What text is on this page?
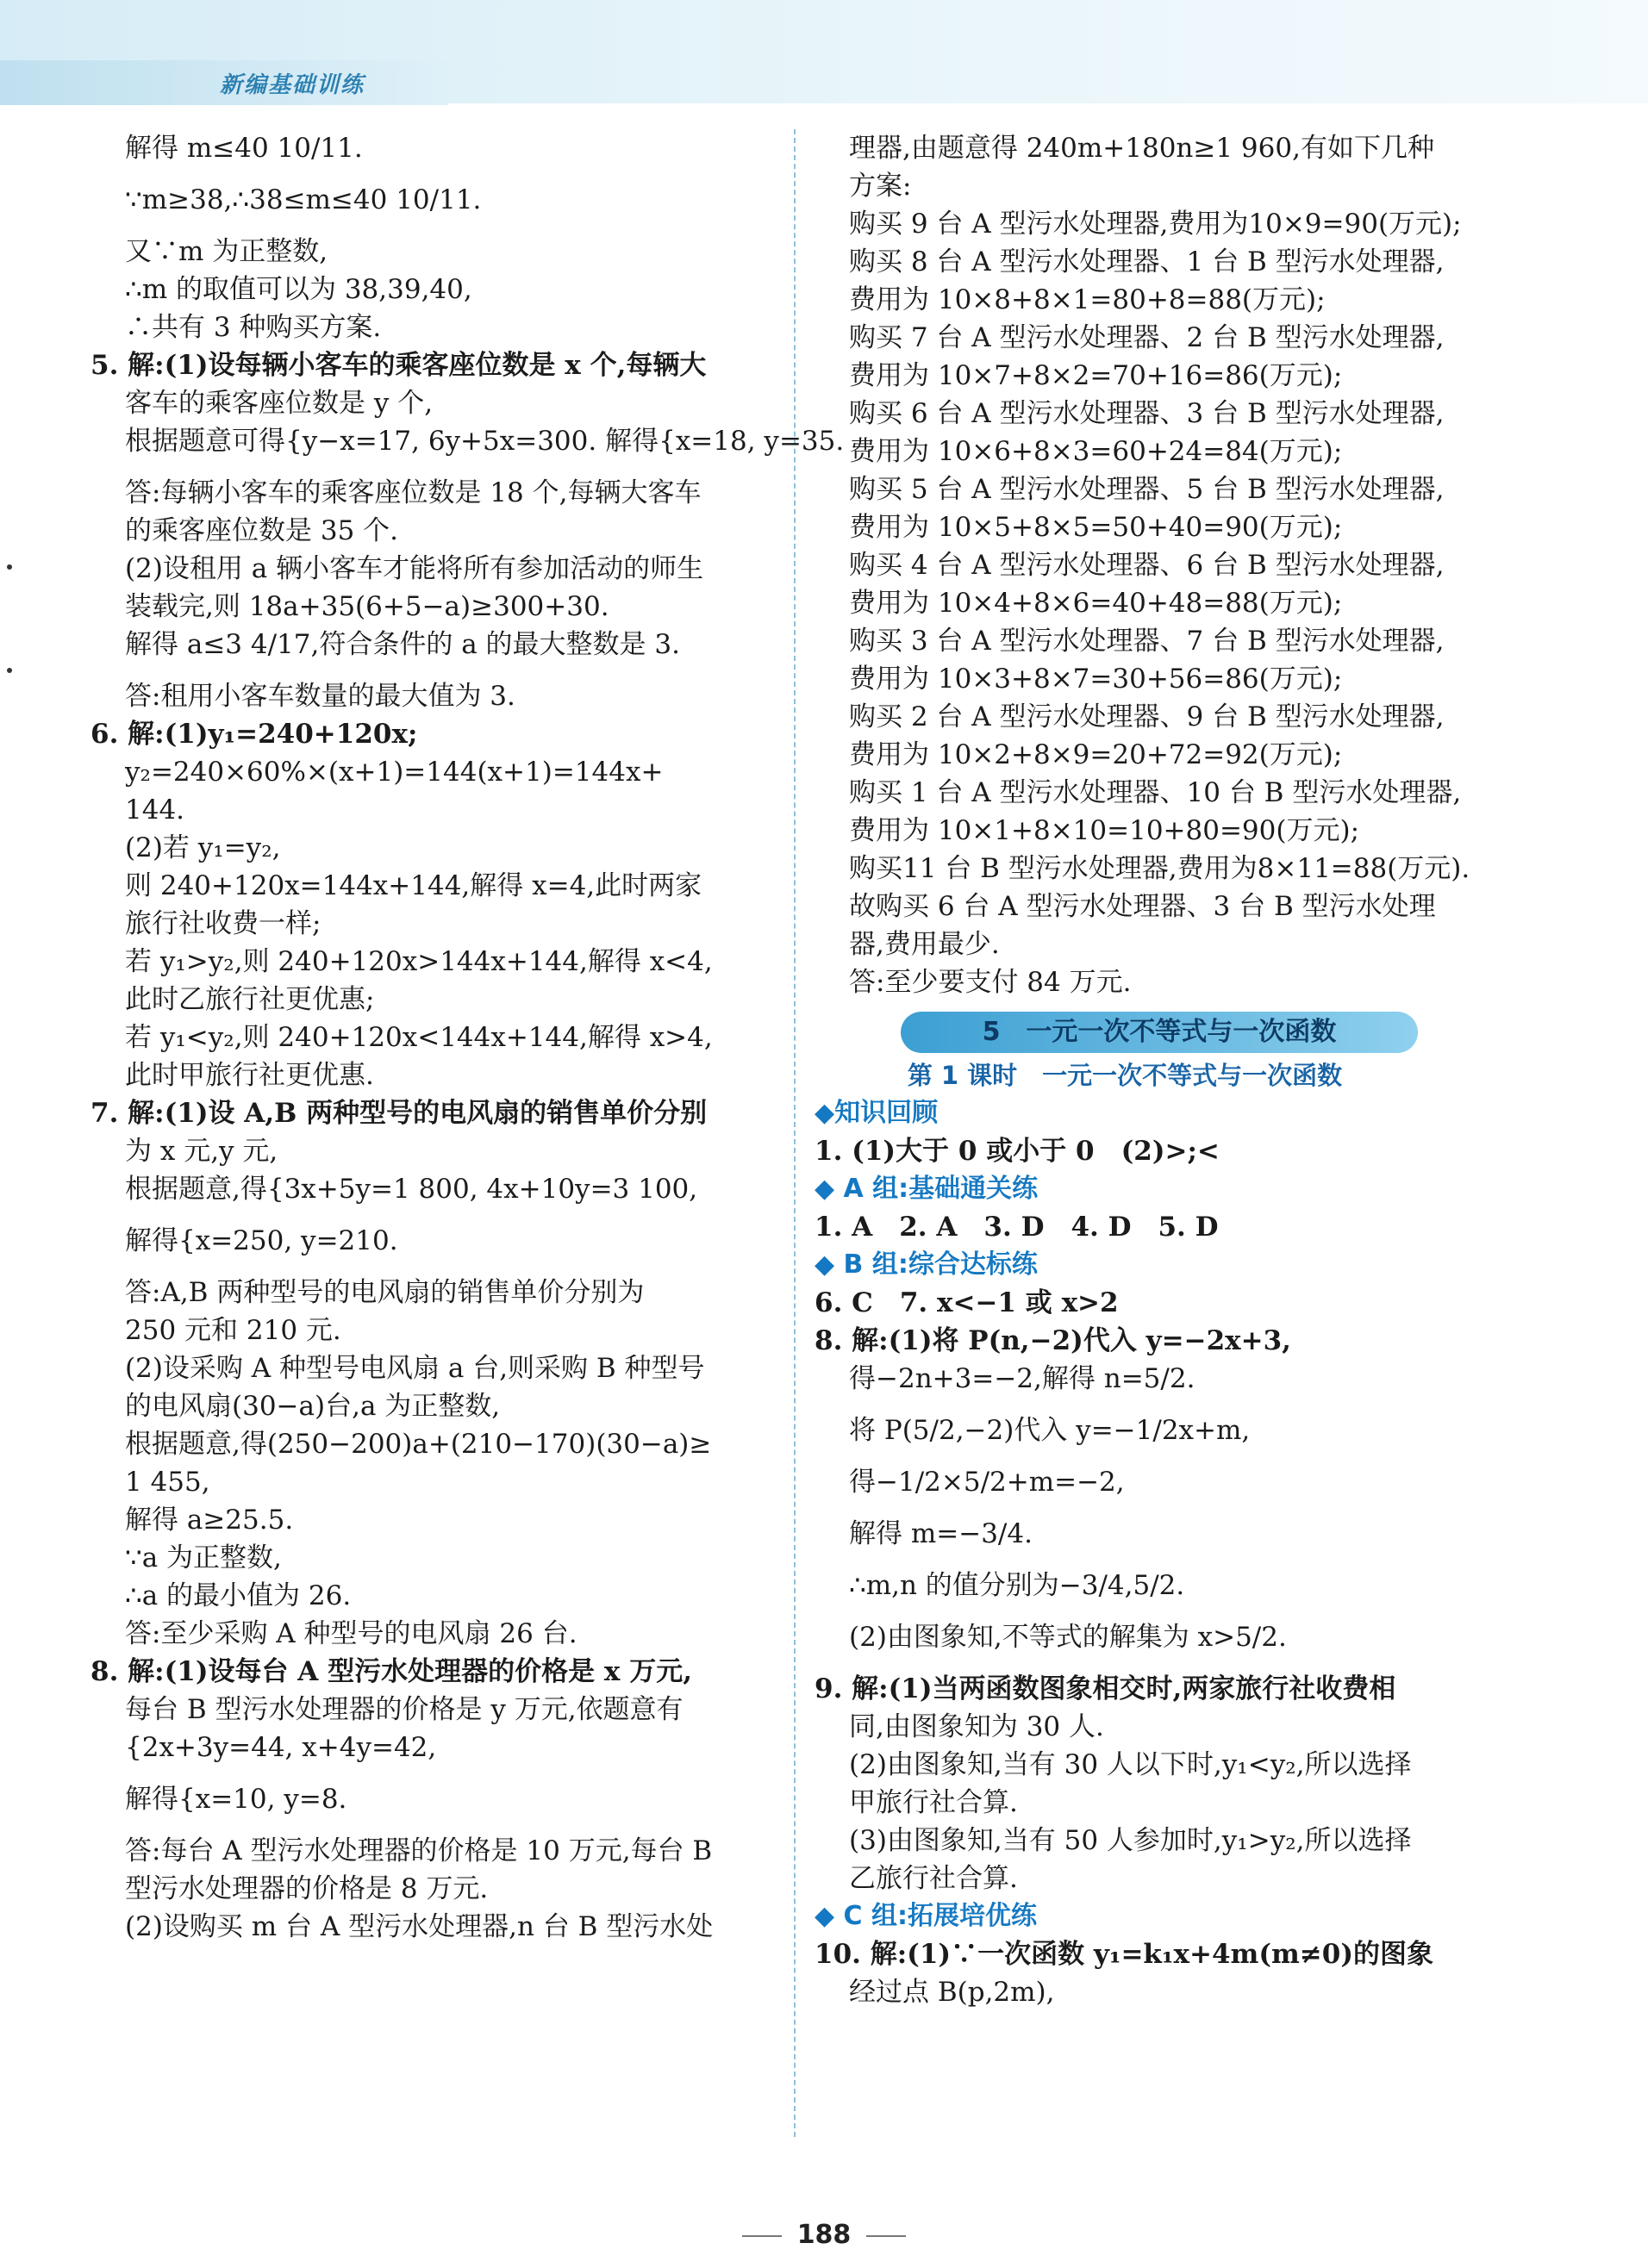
新编基础训练
解得 m≤40 10/11.
∵m≥38,∴38≤m≤40 10/11.
又∵m 为正整数,
∴m 的取值可以为 38,39,40,
∴共有 3 种购买方案.
5. 解:(1)设每辆小客车的乘客座位数是 x 个,每辆大
客车的乘客座位数是 y 个,
根据题意可得{y−x=17, 6y+5x=300. 解得{x=18, y=35.
答:每辆小客车的乘客座位数是 18 个,每辆大客车
的乘客座位数是 35 个.
(2)设租用 a 辆小客车才能将所有参加活动的师生
装载完,则 18a+35(6+5−a)≥300+30.
解得 a≤3 4/17,符合条件的 a 的最大整数是 3.
答:租用小客车数量的最大值为 3.
6. 解:(1)y₁=240+120x;
y₂=240×60%×(x+1)=144(x+1)=144x+
144.
(2)若 y₁=y₂,
则 240+120x=144x+144,解得 x=4,此时两家
旅行社收费一样;
若 y₁>y₂,则 240+120x>144x+144,解得 x<4,
此时乙旅行社更优惠;
若 y₁<y₂,则 240+120x<144x+144,解得 x>4,
此时甲旅行社更优惠.
7. 解:(1)设 A,B 两种型号的电风扇的销售单价分别
为 x 元,y 元,
根据题意,得{3x+5y=1 800, 4x+10y=3 100,
解得{x=250, y=210.
答:A,B 两种型号的电风扇的销售单价分别为
250 元和 210 元.
(2)设采购 A 种型号电风扇 a 台,则采购 B 种型号
的电风扇(30−a)台,a 为正整数,
根据题意,得(250−200)a+(210−170)(30−a)≥
1 455,
解得 a≥25.5.
∵a 为正整数,
∴a 的最小值为 26.
答:至少采购 A 种型号的电风扇 26 台.
8. 解:(1)设每台 A 型污水处理器的价格是 x 万元,
每台 B 型污水处理器的价格是 y 万元,依题意有
{2x+3y=44, x+4y=42,
解得{x=10, y=8.
答:每台 A 型污水处理器的价格是 10 万元,每台 B
型污水处理器的价格是 8 万元.
(2)设购买 m 台 A 型污水处理器,n 台 B 型污水处
理器,由题意得 240m+180n≥1 960,有如下几种
方案:
购买 9 台 A 型污水处理器,费用为10×9=90(万元);
购买 8 台 A 型污水处理器、1 台 B 型污水处理器,
费用为 10×8+8×1=80+8=88(万元);
购买 7 台 A 型污水处理器、2 台 B 型污水处理器,
费用为 10×7+8×2=70+16=86(万元);
购买 6 台 A 型污水处理器、3 台 B 型污水处理器,
费用为 10×6+8×3=60+24=84(万元);
购买 5 台 A 型污水处理器、5 台 B 型污水处理器,
费用为 10×5+8×5=50+40=90(万元);
购买 4 台 A 型污水处理器、6 台 B 型污水处理器,
费用为 10×4+8×6=40+48=88(万元);
购买 3 台 A 型污水处理器、7 台 B 型污水处理器,
费用为 10×3+8×7=30+56=86(万元);
购买 2 台 A 型污水处理器、9 台 B 型污水处理器,
费用为 10×2+8×9=20+72=92(万元);
购买 1 台 A 型污水处理器、10 台 B 型污水处理器,
费用为 10×1+8×10=10+80=90(万元);
购买11 台 B 型污水处理器,费用为8×11=88(万元).
故购买 6 台 A 型污水处理器、3 台 B 型污水处理
器,费用最少.
答:至少要支付 84 万元.
5　一元一次不等式与一次函数
第 1 课时　一元一次不等式与一次函数
◆知识回顾
1. (1)大于 0 或小于 0　(2)>;<
◆ A 组:基础通关练
1. A　2. A　3. D　4. D　5. D
◆ B 组:综合达标练
6. C　7. x<−1 或 x>2
8. 解:(1)将 P(n,−2)代入 y=−2x+3,
得−2n+3=−2,解得 n=5/2.
将 P(5/2,−2)代入 y=−1/2x+m,
得−1/2×5/2+m=−2,
解得 m=−3/4.
∴m,n 的值分别为−3/4,5/2.
(2)由图象知,不等式的解集为 x>5/2.
9. 解:(1)当两函数图象相交时,两家旅行社收费相
同,由图象知为 30 人.
(2)由图象知,当有 30 人以下时,y₁<y₂,所以选择
甲旅行社合算.
(3)由图象知,当有 50 人参加时,y₁>y₂,所以选择
乙旅行社合算.
◆ C 组:拓展培优练
10. 解:(1)∵一次函数 y₁=k₁x+4m(m≠0)的图象
经过点 B(p,2m),
188
